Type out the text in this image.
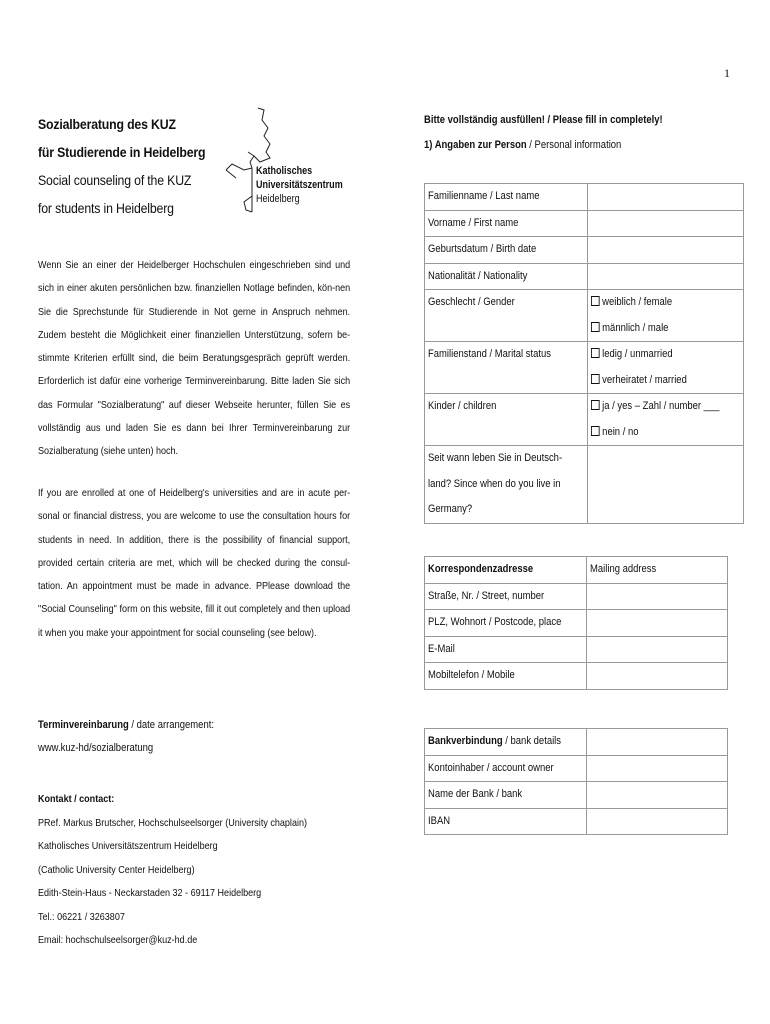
1
Sozialberatung des KUZ
für Studierende in Heidelberg
Social counseling of the KUZ
for students in Heidelberg
Katholisches
Universitätszentrum
Heidelberg

Wenn Sie an einer der Heidelberger Hochschulen eingeschrieben sind und sich in einer akuten persönlichen bzw. finanziellen Notlage befinden, kön-nen Sie die Sprechstunde für Studierende in Not gerne in Anspruch nehmen. Zudem besteht die Möglichkeit einer finanziellen Unterstützung, sofern be-stimmte Kriterien erfüllt sind, die beim Beratungsgespräch geprüft werden. Erforderlich ist dafür eine vorherige Terminvereinbarung. Bitte laden Sie sich das Formular "Sozialberatung" auf dieser Webseite herunter, füllen Sie es vollständig aus und laden Sie es dann bei Ihrer Terminvereinbarung zur Sozialberatung (siehe unten) hoch.

If you are enrolled at one of Heidelberg's universities and are in acute per-sonal or financial distress, you are welcome to use the consultation hours for students in need. In addition, there is the possibility of financial support, provided certain criteria are met, which will be checked during the consul-tation. An appointment must be made in advance. PPlease download the "Social Counseling" form on this website, fill it out completely and then upload it when you make your appointment for social counseling (see below).

Terminvereinbarung / date arrangement:
www.kuz-hd/sozialberatung
Kontakt / contact:
PRef. Markus Brutscher, Hochschulseelsorger (University chaplain)
Katholisches Universitätszentrum Heidelberg
(Catholic University Center Heidelberg)
Edith-Stein-Haus - Neckarstaden 32 - 69117 Heidelberg
Tel.: 06221 / 3263807
Email: hochschulseelsorger@kuz-hd.de
Bitte vollständig ausfüllen! / Please fill in completely!
1) Angaben zur Person / Personal information
Familienname / Last name	

Vorname / First name	

Geburtsdatum / Birth date	

Nationalität / Nationality	

Geschlecht / Gender	weiblich / female
männlich / male

Familienstand / Marital status	ledig / unmarried
verheiratet / married

Kinder / children	ja / yes – Zahl / number ___
nein / no

Seit wann leben Sie in Deutsch-
land? Since when do you live in
Germany?	

Korrespondenzadresse	Mailing address

Straße, Nr. / Street, number	

PLZ, Wohnort / Postcode, place	

E-Mail	

Mobiltelefon / Mobile	

Bankverbindung / bank details	

Kontoinhaber / account owner	

Name der Bank / bank	

IBAN	
